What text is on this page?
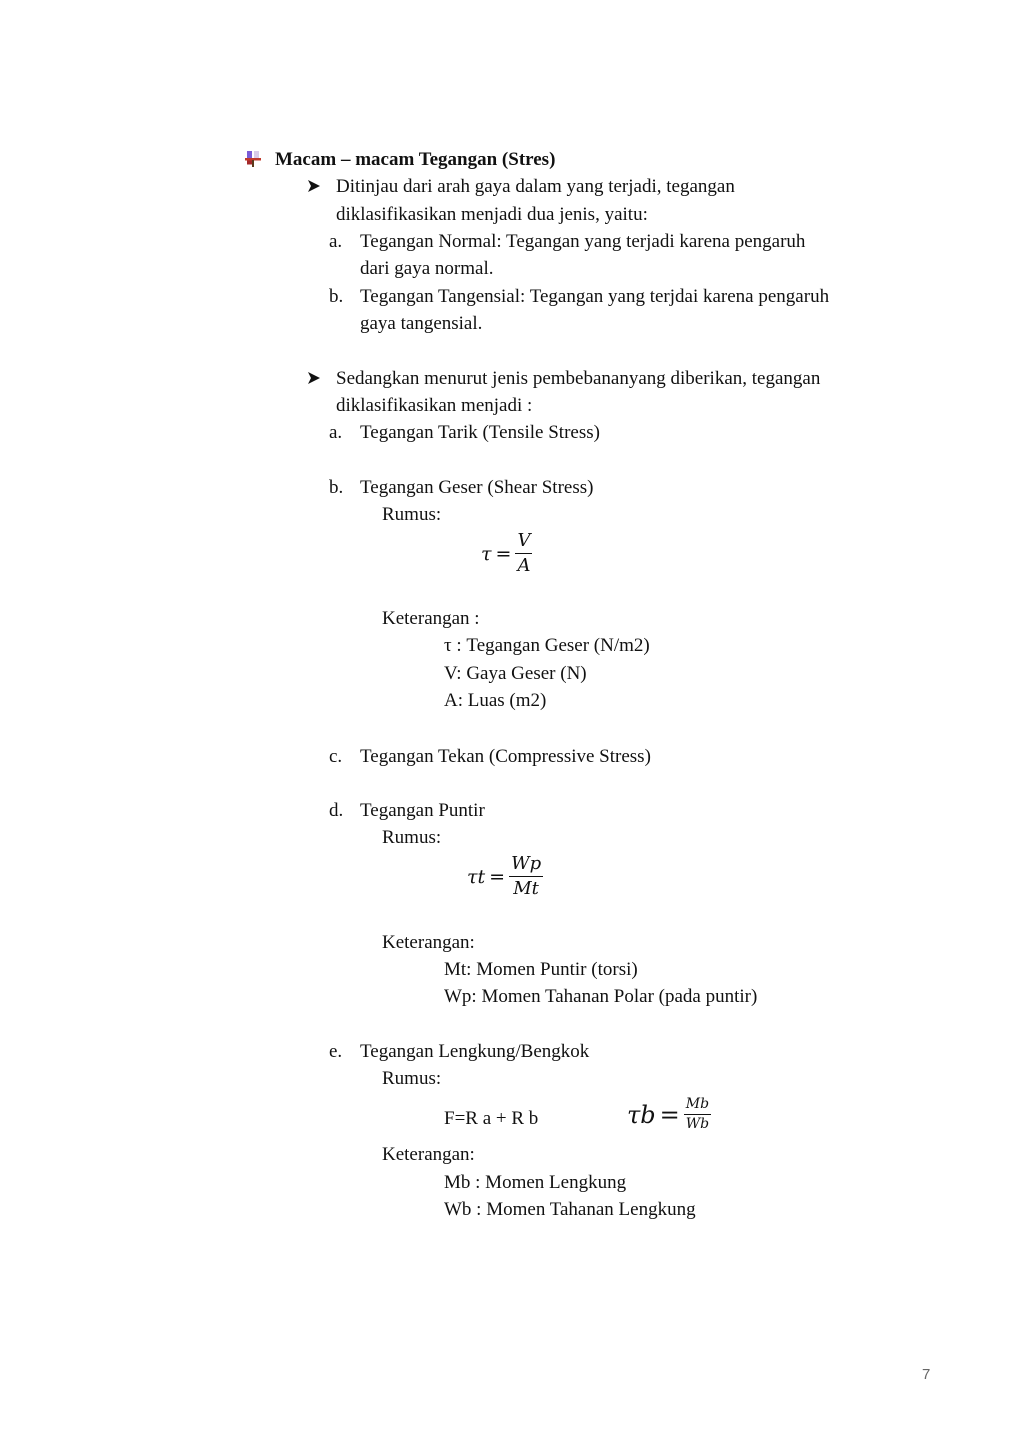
Macam – macam Tegangan (Stres)
Ditinjau dari arah gaya dalam yang terjadi, tegangan
diklasifikasikan menjadi dua jenis, yaitu:
a. Tegangan Normal: Tegangan yang terjadi karena pengaruh
dari gaya normal.
b. Tegangan Tangensial: Tegangan yang terjdai karena pengaruh
gaya tangensial.
Sedangkan menurut jenis pembebananyang diberikan, tegangan
diklasifikasikan menjadi :
a. Tegangan Tarik (Tensile Stress)
b. Tegangan Geser (Shear Stress)
Rumus:
$\tau = \frac{V}{A}$
Keterangan :
τ : Tegangan Geser (N/m2)
V: Gaya Geser (N)
A: Luas (m2)
c. Tegangan Tekan (Compressive Stress)
d. Tegangan Puntir
Rumus:
$\tau t = \frac{Wp}{Mt}$
Keterangan:
Mt: Momen Puntir (torsi)
Wp: Momen Tahanan Polar (pada puntir)
e. Tegangan Lengkung/Bengkok
Rumus:
F=R a + R b	$\tau b = \frac{Mb}{Wb}$
Keterangan:
Mb : Momen Lengkung
Wb : Momen Tahanan Lengkung
7
